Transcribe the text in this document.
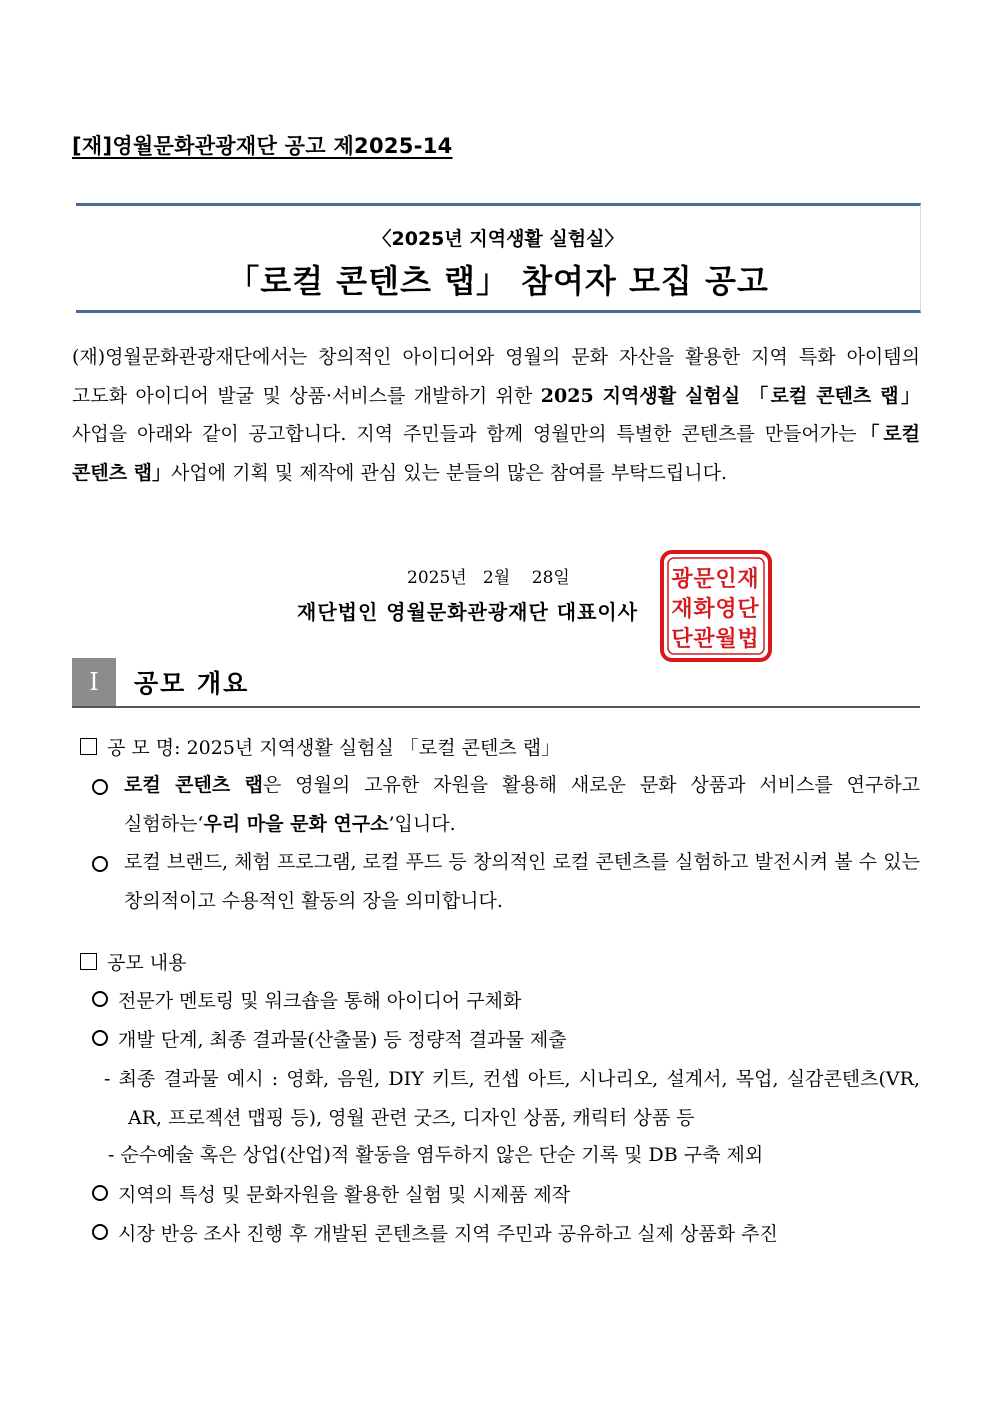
[재]영월문화관광재단 공고 제2025-14
〈2025년 지역생활 실험실〉
「로컬 콘텐츠 랩」 참여자 모집 공고
(재)영월문화관광재단에서는 창의적인 아이디어와 영월의 문화 자산을 활용한 지역 특화 아이템의 고도화 아이디어 발굴 및 상품·서비스를 개발하기 위한 2025 지역생활 실험실 「로컬 콘텐츠 랩」사업을 아래와 같이 공고합니다. 지역 주민들과 함께 영월만의 특별한 콘텐츠를 만들어가는「로컬 콘텐츠 랩」사업에 기획 및 제작에 관심 있는 분들의 많은 참여를 부탁드립니다.
2025년   2월    28일
재단법인 영월문화관광재단 대표이사
재
단
법
인
영
월
문
화
관
광
재
단
Ⅰ	공모 개요
공 모 명: 2025년 지역생활 실험실 「로컬 콘텐츠 랩」
로컬 콘텐츠 랩은 영월의 고유한 자원을 활용해 새로운 문화 상품과 서비스를 연구하고 실험하는‘우리 마을 문화 연구소’입니다.
로컬 브랜드, 체험 프로그램, 로컬 푸드 등 창의적인 로컬 콘텐츠를 실험하고 발전시켜 볼 수 있는 창의적이고 수용적인 활동의 장을 의미합니다.
공모 내용
전문가 멘토링 및 워크숍을 통해 아이디어 구체화
개발 단계, 최종 결과물(산출물) 등 정량적 결과물 제출
- 최종 결과물 예시 : 영화, 음원, DIY 키트, 컨셉 아트, 시나리오, 설계서, 목업, 실감콘텐츠(VR, AR, 프로젝션 맵핑 등), 영월 관련 굿즈, 디자인 상품, 캐릭터 상품 등
- 순수예술 혹은 상업(산업)적 활동을 염두하지 않은 단순 기록 및 DB 구축 제외
지역의 특성 및 문화자원을 활용한 실험 및 시제품 제작
시장 반응 조사 진행 후 개발된 콘텐츠를 지역 주민과 공유하고 실제 상품화 추진
